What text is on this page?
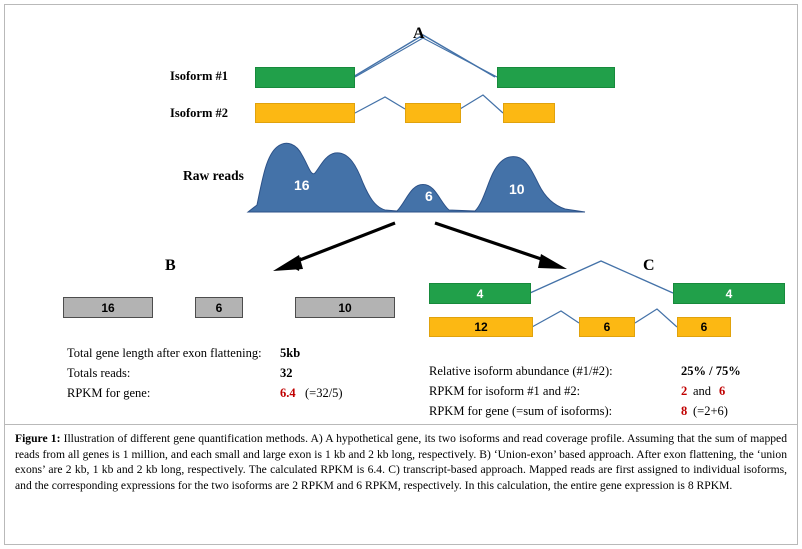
A
Isoform #1
Isoform #2
Raw reads
16
6	10
B
16	6	10
Total gene length after exon flattening: 5kb
Totals reads:	32
RPKM for gene:	6.4 (=32/5)
C
4	4
12	6	6
Relative isoform abundance (#1/#2):	25% / 75%
RPKM for isoform #1 and #2:	2 and 6
RPKM for gene (=sum of isoforms):	8 (=2+6)
Figure 1: Illustration of different gene quantification methods. A) A hypothetical gene, its two isoforms and read coverage profile. Assuming that the sum of mapped reads from all genes is 1 million, and each small and large exon is 1 kb and 2 kb long, respectively. B) ‘Union-exon’ based approach. After exon flattening, the ‘union exons’ are 2 kb, 1 kb and 2 kb long, respectively. The calculated RPKM is 6.4. C) transcript-based approach. Mapped reads are first assigned to individual isoforms, and the corresponding expressions for the two isoforms are 2 RPKM and 6 RPKM, respectively. In this calculation, the entire gene expression is 8 RPKM.
